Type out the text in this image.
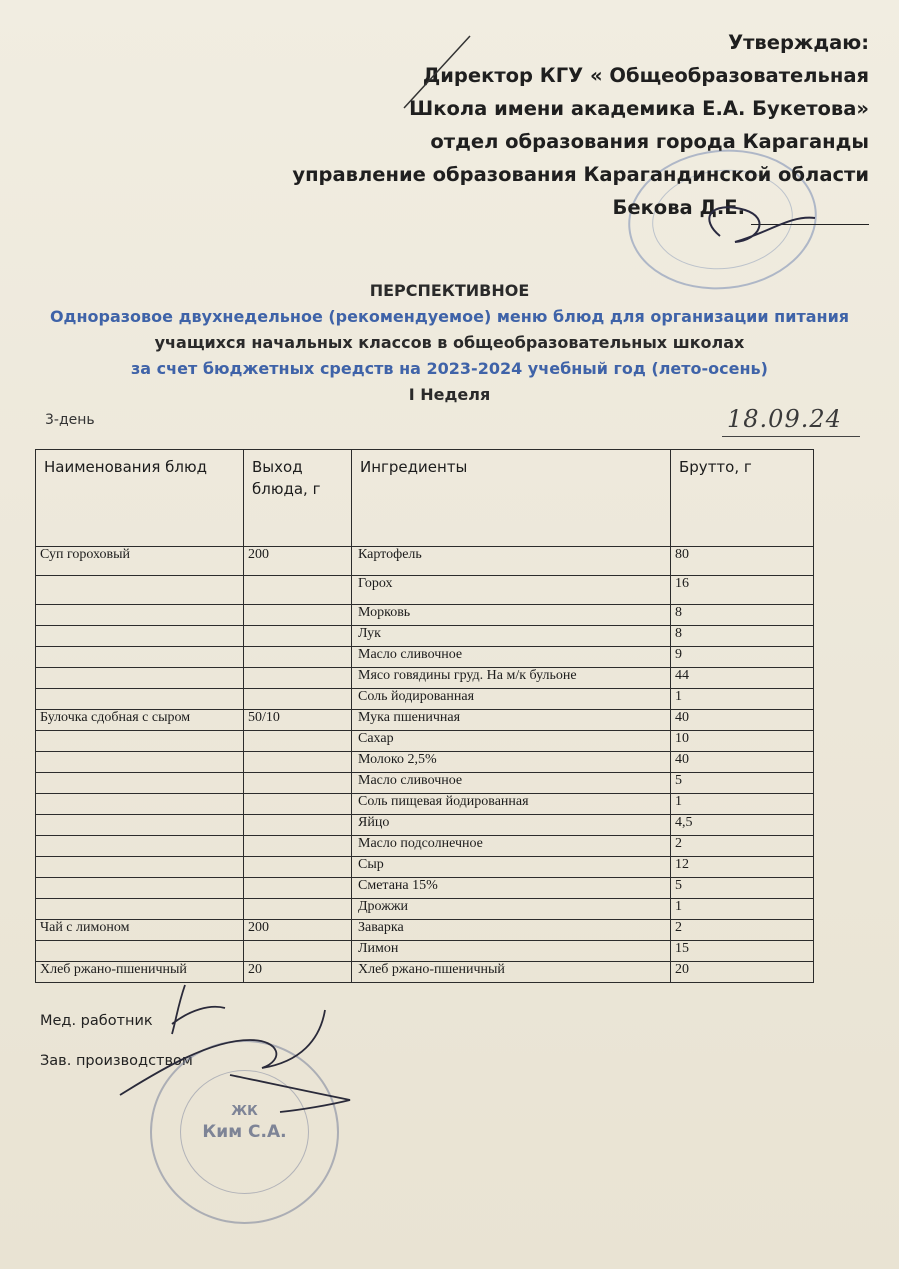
Утверждаю:
Директор КГУ « Общеобразовательная
Школа имени академика Е.А. Букетова»
отдел образования города Караганды
управление образования Карагандинской области
Бекова Д.Е.
ПЕРСПЕКТИВНОЕ
Одноразовое двухнедельное (рекомендуемое) меню блюд для организации питания
учащихся начальных классов в общеобразовательных школах
за счет бюджетных средств на 2023-2024 учебный год (лето-осень)
I Неделя
3-день	18.09.24
Наименования блюд	Выход блюда, г	Ингредиенты	Брутто, г
Суп гороховый	200	Картофель	80
		Горох	16
		Морковь	8
		Лук	8
		Масло сливочное	9
		Мясо говядины груд. На м/к бульоне	44
		Соль йодированная	1
Булочка сдобная с сыром	50/10	Мука пшеничная	40
		Сахар	10
		Молоко 2,5%	40
		Масло сливочное	5
		Соль пищевая йодированная	1
		Яйцо	4,5
		Масло подсолнечное	2
		Сыр	12
		Сметана 15%	5
		Дрожжи	1
Чай с лимоном	200	Заварка	2
		Лимон	15
Хлеб ржано-пшеничный	20	Хлеб ржано-пшеничный	20
Мед. работник
Зав. производством
ЖК
Ким С.А.
